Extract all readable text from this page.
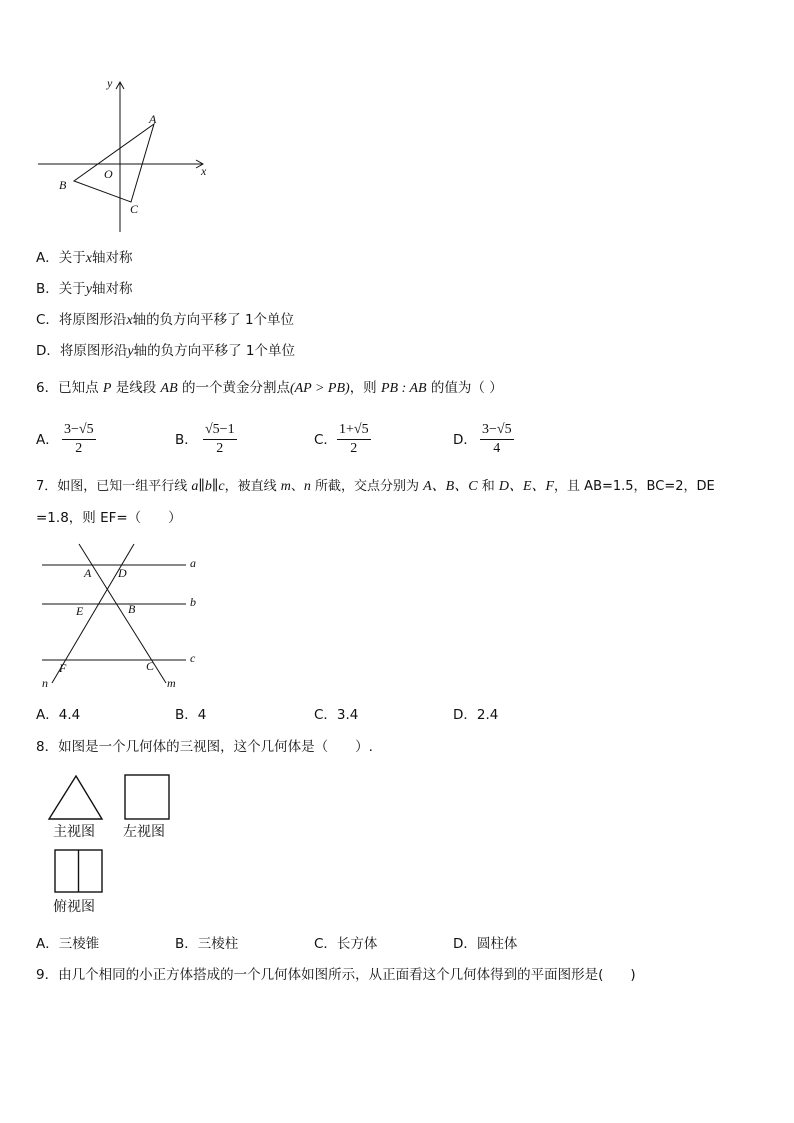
y
x
A
B
C
O
A．关于x轴对称
B．关于y轴对称
C．将原图形沿x轴的负方向平移了 1个单位
D．将原图形沿y轴的负方向平移了 1个单位
6．已知点 P 是线段 AB 的一个黄金分割点(AP > PB)，则 PB : AB 的值为（ ）
A． $\frac{3-√5}{2}$	B． $\frac{√5-1}{2}$	C． $\frac{1+√5}{2}$	D． $\frac{3-√5}{4}$
7．如图，已知一组平行线 a∥b∥c，被直线 m、n 所截，交点分别为 A、B、C 和 D、E、F，且 AB=1.5，BC=2，DE
=1.8，则 EF=（　　）
a
b
c
A D
E	B
F	C
n	m
A．4.4	B．4	C．3.4	D．2.4
8．如图是一个几何体的三视图，这个几何体是（　　）.
主视图 左视图
俯视图
A．三棱锥	B．三棱柱	C．长方体	D．圆柱体
9．由几个相同的小正方体搭成的一个几何体如图所示，从正面看这个几何体得到的平面图形是(　　)
